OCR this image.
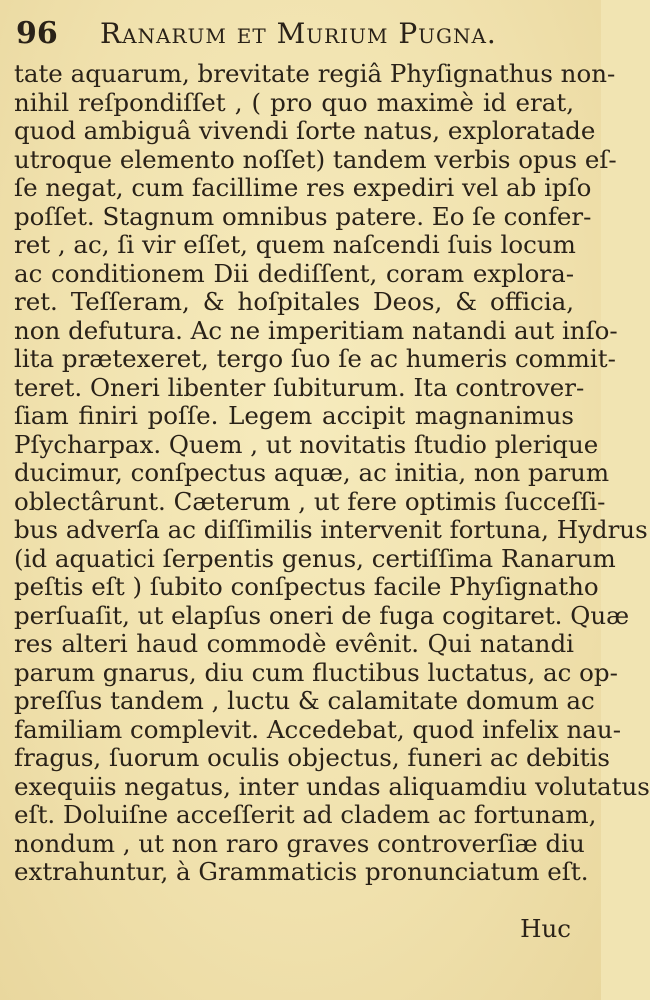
96 Ranarum et Murium Pugna.
tate aquarum, brevitate regiâ Phyſignathus non-
nihil reſpondiſſet , ( pro quo maximè id erat,
quod ambiguâ vivendi ſorte natus, exploratade
utroque elemento noſſet) tandem verbis opus eſ-
ſe negat, cum facillime res expediri vel ab ipſo
poſſet. Stagnum omnibus patere. Eo ſe confer-
ret , ac, ſi vir eſſet, quem naſcendi ſuis locum
ac conditionem Dii dediſſent, coram explora-
ret. Teſſeram, & hoſpitales Deos, & officia,
non defutura. Ac ne imperitiam natandi aut inſo-
lita prætexeret, tergo ſuo ſe ac humeris commit-
teret. Oneri libenter ſubiturum. Ita controver-
ſiam finiri poſſe. Legem accipit magnanimus
Pſycharpax. Quem , ut novitatis ſtudio plerique
ducimur, conſpectus aquæ, ac initia, non parum
oblectârunt. Cæterum , ut fere optimis ſucceſſi-
bus adverſa ac diſſimilis intervenit fortuna, Hydrus
(id aquatici ſerpentis genus, certiſſima Ranarum
peſtis eſt ) ſubito conſpectus facile Phyſignatho
perſuaſit, ut elapſus oneri de fuga cogitaret. Quæ
res alteri haud commodè evênit. Qui natandi
parum gnarus, diu cum fluctibus luctatus, ac op-
preſſus tandem , luctu & calamitate domum ac
familiam complevit. Accedebat, quod infelix nau-
fragus, ſuorum oculis objectus, funeri ac debitis
exequiis negatus, inter undas aliquamdiu volutatus
eſt. Doluiſne acceſſerit ad cladem ac fortunam,
nondum , ut non raro graves controverſiæ diu
extrahuntur, à Grammaticis pronunciatum eſt.
Huc
